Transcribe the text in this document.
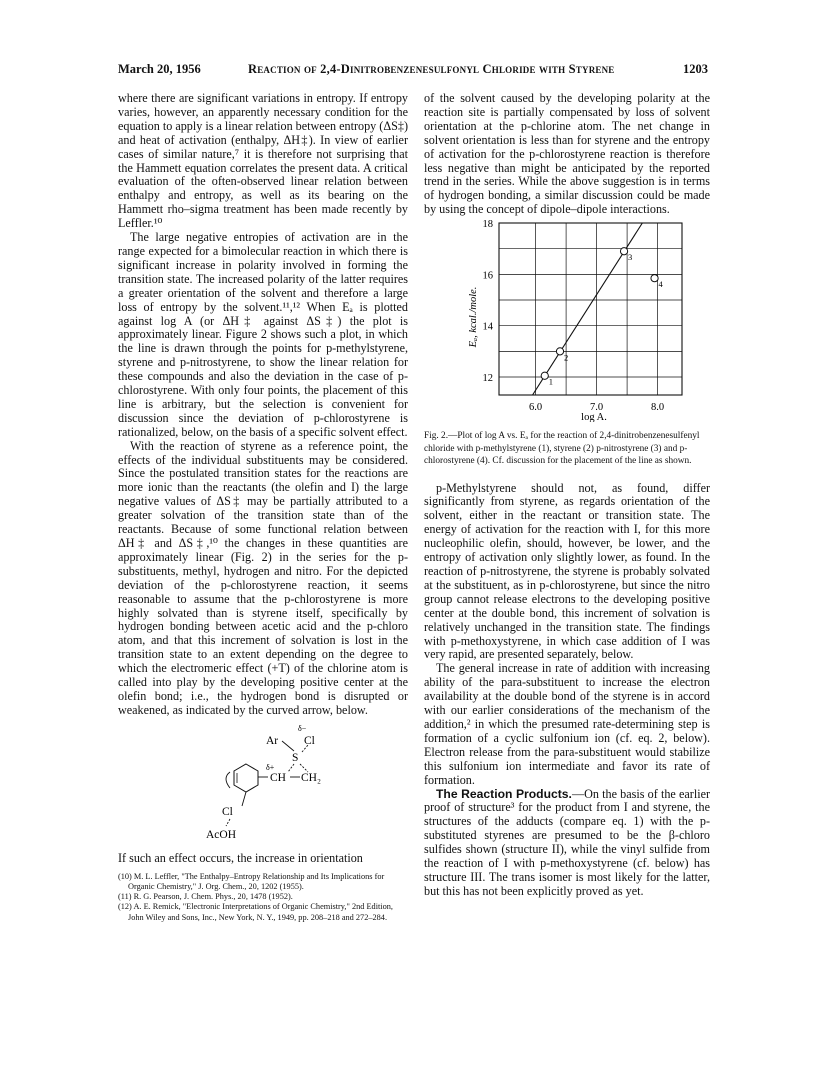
March 20, 1956	Reaction of 2,4-Dinitrobenzenesulfonyl Chloride with Styrene	1203

where there are significant variations in entropy. If entropy varies, however, an apparently necessary condition for the equation to apply is a linear relation between entropy (ΔS‡) and heat of activation (enthalpy, ΔH‡). In view of earlier cases of similar nature,⁷ it is therefore not surprising that the Hammett equation correlates the present data. A critical evaluation of the often-observed linear relation between enthalpy and entropy, as well as its bearing on the Hammett rho–sigma treatment has been made recently by Leffler.¹⁰

The large negative entropies of activation are in the range expected for a bimolecular reaction in which there is significant increase in polarity involved in forming the transition state. The increased polarity of the latter requires a greater orientation of the solvent and therefore a large loss of entropy by the solvent.¹¹,¹² When Eₐ is plotted against log A (or ΔH‡ against ΔS‡) the plot is approximately linear. Figure 2 shows such a plot, in which the line is drawn through the points for p-methylstyrene, styrene and p-nitrostyrene, to show the linear relation for these compounds and also the deviation in the case of p-chlorostyrene. With only four points, the placement of this line is arbitrary, but the selection is convenient for discussion since the deviation of p-chlorostyrene is rationalized, below, on the basis of a specific solvent effect.

With the reaction of styrene as a reference point, the effects of the individual substituents may be considered. Since the postulated transition states for the reactions are more ionic than the reactants (the olefin and I) the large negative values of ΔS‡ may be partially attributed to a greater solvation of the transition state than of the reactants. Because of some functional relation between ΔH‡ and ΔS‡,¹⁰ the changes in these quantities are approximately linear (Fig. 2) in the series for the p-substituents, methyl, hydrogen and nitro. For the depicted deviation of the p-chlorostyrene reaction, it seems reasonable to assume that the p-chlorostyrene is more highly solvated than is styrene itself, specifically by hydrogen bonding between acetic acid and the p-chloro atom, and that this increment of solvation is lost in the transition state to an extent depending on the degree to which the electromeric effect (+T) of the chlorine atom is called into play by the developing positive center at the olefin bond; i.e., the hydrogen bond is disrupted or weakened, as indicated by the curved arrow, below.

δ−
Ar
S
Cl
δ+
CH CH₂
Cl
AcOH

If such an effect occurs, the increase in orientation

(10) M. L. Leffler, "The Enthalpy–Entropy Relationship and Its Implications for Organic Chemistry," J. Org. Chem., 20, 1202 (1955).

(11) R. G. Pearson, J. Chem. Phys., 20, 1478 (1952).

(12) A. E. Remick, "Electronic Interpretations of Organic Chemistry," 2nd Edition, John Wiley and Sons, Inc., New York, N. Y., 1949, pp. 208–218 and 272–284.

of the solvent caused by the developing polarity at the reaction site is partially compensated by loss of solvent orientation at the p-chlorine atom. The net change in solvent orientation is less than for styrene and the entropy of activation for the p-chlorostyrene reaction is therefore less negative than might be anticipated by the reported trend in the series. While the above suggestion is in terms of hydrogen bonding, a similar discussion could be made by using the concept of dipole–dipole interactions.

Eₐ, kcal./mole.
log A.
1
2
3
4
6.0	7.0	8.0
12
14
16
18

Fig. 2.—Plot of log A vs. Eₐ for the reaction of 2,4-dinitrobenzenesulfenyl chloride with p-methylstyrene (1), styrene (2) p-nitrostyrene (3) and p-chlorostyrene (4). Cf. discussion for the placement of the line as shown.

p-Methylstyrene should not, as found, differ significantly from styrene, as regards orientation of the solvent, either in the reactant or transition state. The energy of activation for the reaction with I, for this more nucleophilic olefin, should, however, be lower, and the entropy of activation only slightly lower, as found. In the reaction of p-nitrostyrene, the styrene is probably solvated at the substituent, as in p-chlorostyrene, but since the nitro group cannot release electrons to the developing positive center at the double bond, this increment of solvation is relatively unchanged in the transition state. The findings with p-methoxystyrene, in which case addition of I was very rapid, are presented separately, below.

The general increase in rate of addition with increasing ability of the para-substituent to increase the electron availability at the double bond of the styrene is in accord with our earlier considerations of the mechanism of the addition,² in which the presumed rate-determining step is formation of a cyclic sulfonium ion (cf. eq. 2, below). Electron release from the para-substituent would stabilize this sulfonium ion intermediate and favor its rate of formation.

The Reaction Products.—On the basis of the earlier proof of structure³ for the product from I and styrene, the structures of the adducts (compare eq. 1) with the p-substituted styrenes are presumed to be the β-chloro sulfides shown (structure II), while the vinyl sulfide from the reaction of I with p-methoxystyrene (cf. below) has structure III. The trans isomer is most likely for the latter, but this has not been explicitly proved as yet.
